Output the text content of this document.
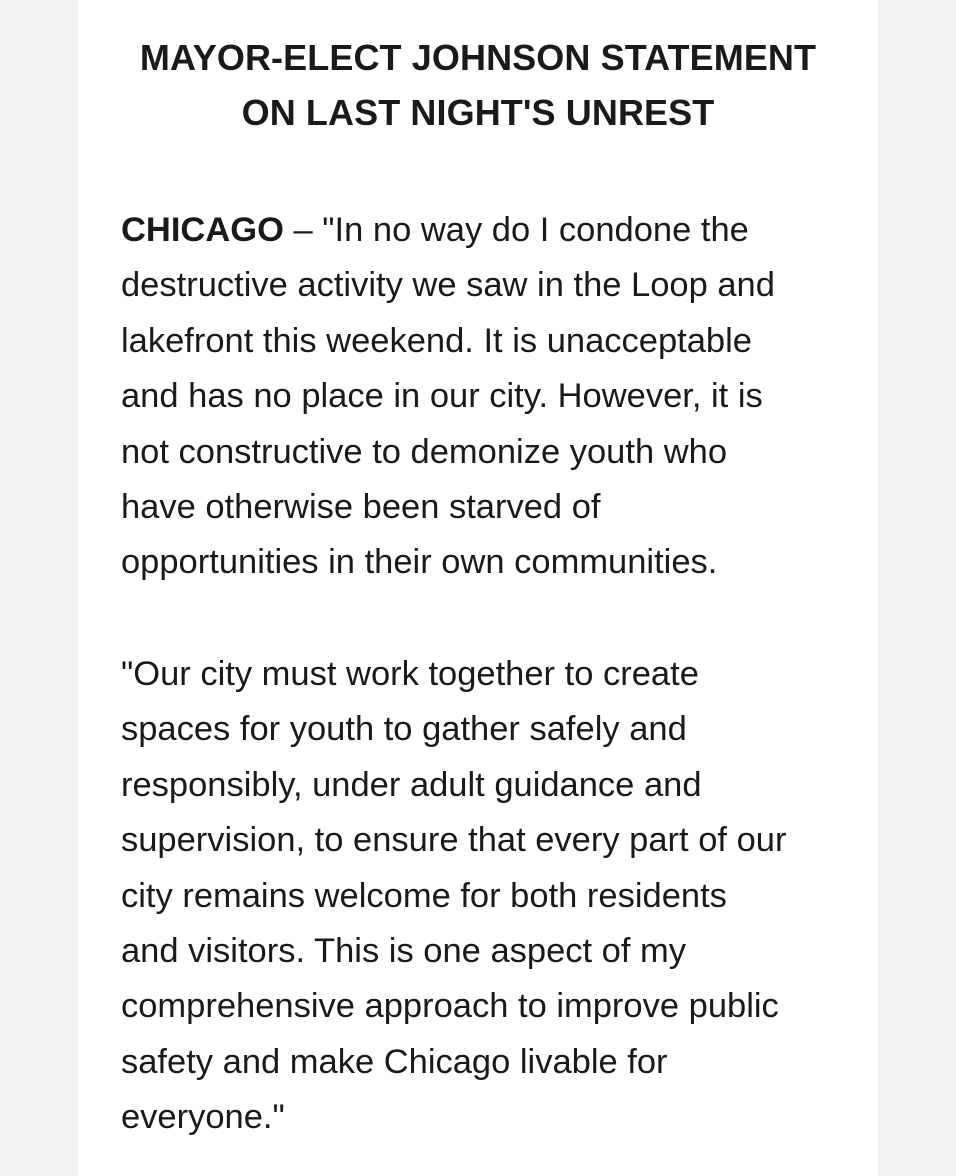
MAYOR-ELECT JOHNSON STATEMENT
ON LAST NIGHT'S UNREST

CHICAGO – "In no way do I condone the
destructive activity we saw in the Loop and
lakefront this weekend. It is unacceptable
and has no place in our city. However, it is
not constructive to demonize youth who
have otherwise been starved of
opportunities in their own communities.

"Our city must work together to create
spaces for youth to gather safely and
responsibly, under adult guidance and
supervision, to ensure that every part of our
city remains welcome for both residents
and visitors. This is one aspect of my
comprehensive approach to improve public
safety and make Chicago livable for
everyone."
